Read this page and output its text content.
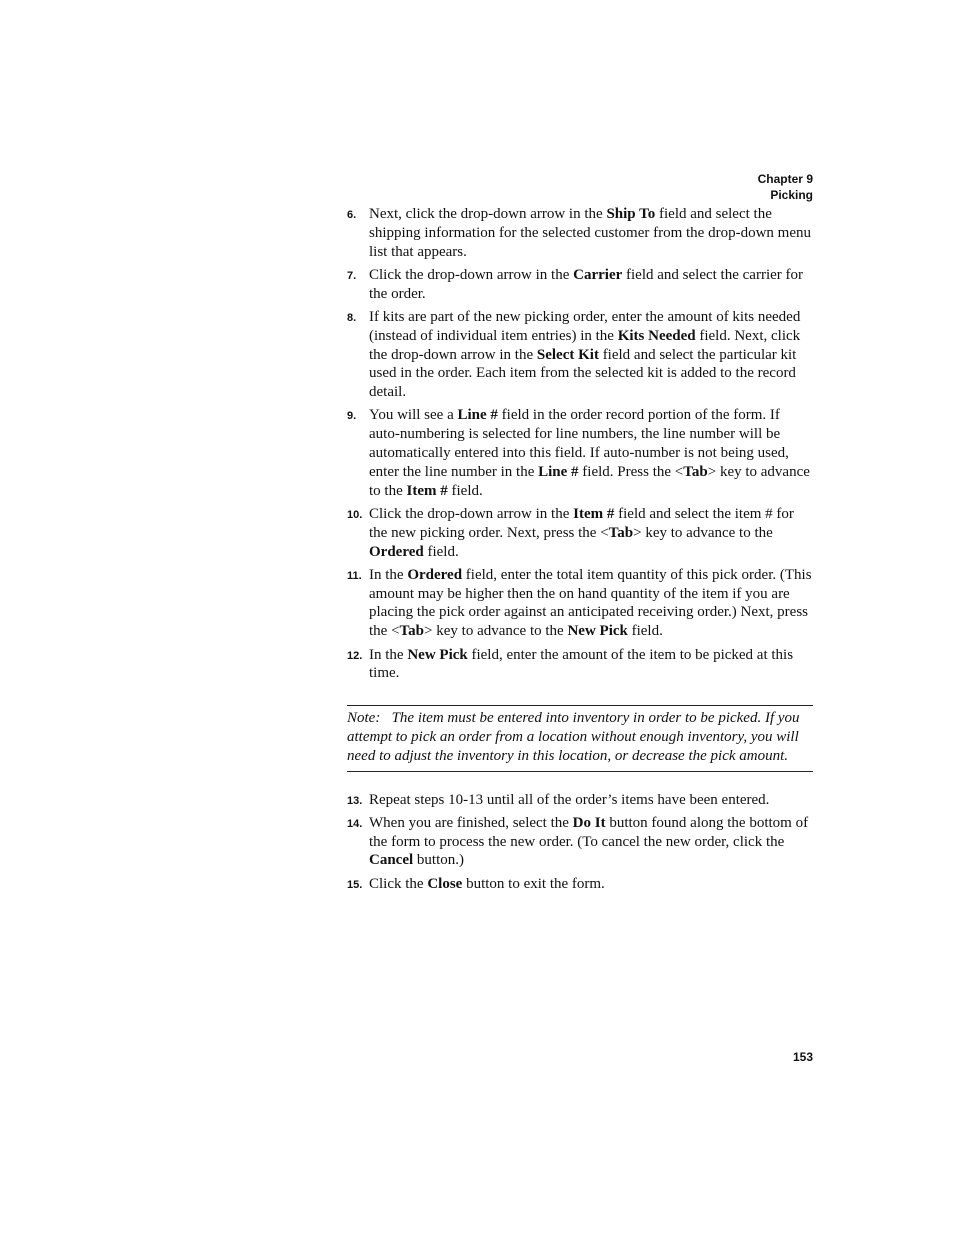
Chapter 9
Picking
6. Next, click the drop-down arrow in the Ship To field and select the shipping information for the selected customer from the drop-down menu list that appears.
7. Click the drop-down arrow in the Carrier field and select the carrier for the order.
8. If kits are part of the new picking order, enter the amount of kits needed (instead of individual item entries) in the Kits Needed field. Next, click the drop-down arrow in the Select Kit field and select the particular kit used in the order. Each item from the selected kit is added to the record detail.
9. You will see a Line # field in the order record portion of the form. If auto-numbering is selected for line numbers, the line number will be automatically entered into this field. If auto-number is not being used, enter the line number in the Line # field. Press the <Tab> key to advance to the Item # field.
10. Click the drop-down arrow in the Item # field and select the item # for the new picking order. Next, press the <Tab> key to advance to the Ordered field.
11. In the Ordered field, enter the total item quantity of this pick order. (This amount may be higher then the on hand quantity of the item if you are placing the pick order against an anticipated receiving order.) Next, press the <Tab> key to advance to the New Pick field.
12. In the New Pick field, enter the amount of the item to be picked at this time.
Note:   The item must be entered into inventory in order to be picked. If you attempt to pick an order from a location without enough inventory, you will need to adjust the inventory in this location, or decrease the pick amount.
13. Repeat steps 10-13 until all of the order’s items have been entered.
14. When you are finished, select the Do It button found along the bottom of the form to process the new order. (To cancel the new order, click the Cancel button.)
15. Click the Close button to exit the form.
153
